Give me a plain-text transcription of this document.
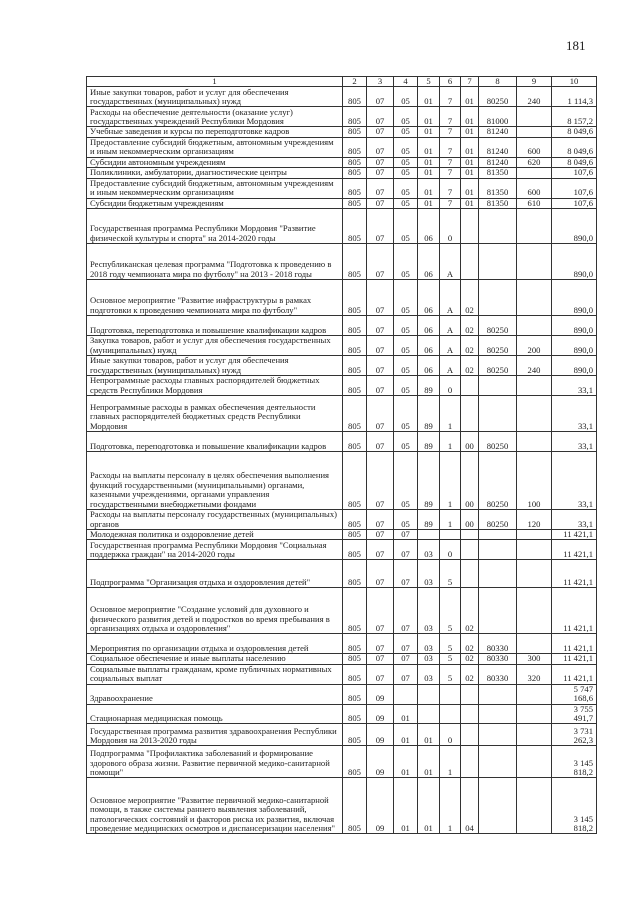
181
1	2	3	4	5	6	7	8	9	10
Иные закупки товаров, работ и услуг для обеспечения государственных (муниципальных) нужд	805	07	05	01	7	01	80250	240	1 114,3
Расходы на обеспечение деятельности (оказание услуг) государственных учреждений Республики Мордовия	805	07	05	01	7	01	81000		8 157,2
Учебные заведения и курсы по переподготовке кадров	805	07	05	01	7	01	81240		8 049,6
Предоставление субсидий бюджетным, автономным учреждениям и иным некоммерческим организациям	805	07	05	01	7	01	81240	600	8 049,6
Субсидии автономным учреждениям	805	07	05	01	7	01	81240	620	8 049,6
Поликлиники, амбулатории, диагностические центры	805	07	05	01	7	01	81350		107,6
Предоставление субсидий бюджетным, автономным учреждениям и иным некоммерческим организациям	805	07	05	01	7	01	81350	600	107,6
Субсидии бюджетным учреждениям	805	07	05	01	7	01	81350	610	107,6
Государственная программа Республики Мордовия "Развитие физической культуры и спорта" на 2014-2020 годы	805	07	05	06	0				890,0
Республиканская целевая программа "Подготовка к проведению в 2018 году чемпионата мира по футболу" на 2013 - 2018 годы	805	07	05	06	А				890,0
Основное мероприятие "Развитие инфраструктуры в рамках подготовки к проведению чемпионата мира по футболу"	805	07	05	06	А	02			890,0
Подготовка, переподготовка и повышение квалификации кадров	805	07	05	06	А	02	80250		890,0
Закупка товаров, работ и услуг для обеспечения государственных (муниципальных) нужд	805	07	05	06	А	02	80250	200	890,0
Иные закупки товаров, работ и услуг для обеспечения государственных (муниципальных) нужд	805	07	05	06	А	02	80250	240	890,0
Непрограммные расходы главных распорядителей бюджетных средств Республики Мордовия	805	07	05	89	0				33,1
Непрограммные расходы в рамках обеспечения деятельности главных распорядителей бюджетных средств Республики Мордовия	805	07	05	89	1				33,1
Подготовка, переподготовка и повышение квалификации кадров	805	07	05	89	1	00	80250		33,1
Расходы на выплаты персоналу в целях обеспечения выполнения функций государственными (муниципальными) органами, казенными учреждениями, органами управления государственными внебюджетными фондами	805	07	05	89	1	00	80250	100	33,1
Расходы на выплаты персоналу государственных (муниципальных) органов	805	07	05	89	1	00	80250	120	33,1
Молодежная политика и оздоровление детей	805	07	07						11 421,1
Государственная программа Республики Мордовия "Социальная поддержка граждан" на 2014-2020 годы	805	07	07	03	0				11 421,1
Подпрограмма "Организация отдыха и оздоровления детей"	805	07	07	03	5				11 421,1
Основное мероприятие "Создание условий для духовного и физического развития детей и подростков во время пребывания в организациях отдыха и оздоровления"	805	07	07	03	5	02			11 421,1
Мероприятия по организации отдыха и оздоровления детей	805	07	07	03	5	02	80330		11 421,1
Социальное обеспечение и иные выплаты населению	805	07	07	03	5	02	80330	300	11 421,1
Социальные выплаты гражданам, кроме публичных нормативных социальных выплат	805	07	07	03	5	02	80330	320	11 421,1
Здравоохранение	805	09							5 747 168,6
Стационарная медицинская помощь	805	09	01						3 755 491,7
Государственная программа развития здравоохранения Республики Мордовия на 2013-2020 годы	805	09	01	01	0				3 731 262,3
Подпрограмма "Профилактика заболеваний и формирование здорового образа жизни. Развитие первичной медико-санитарной помощи"	805	09	01	01	1				3 145 818,2
Основное мероприятие "Развитие первичной медико-санитарной помощи, в также системы раннего выявления заболеваний, патологических состояний и факторов риска их развития, включая проведение медицинских осмотров и диспансеризации населения"	805	09	01	01	1	04			3 145 818,2
